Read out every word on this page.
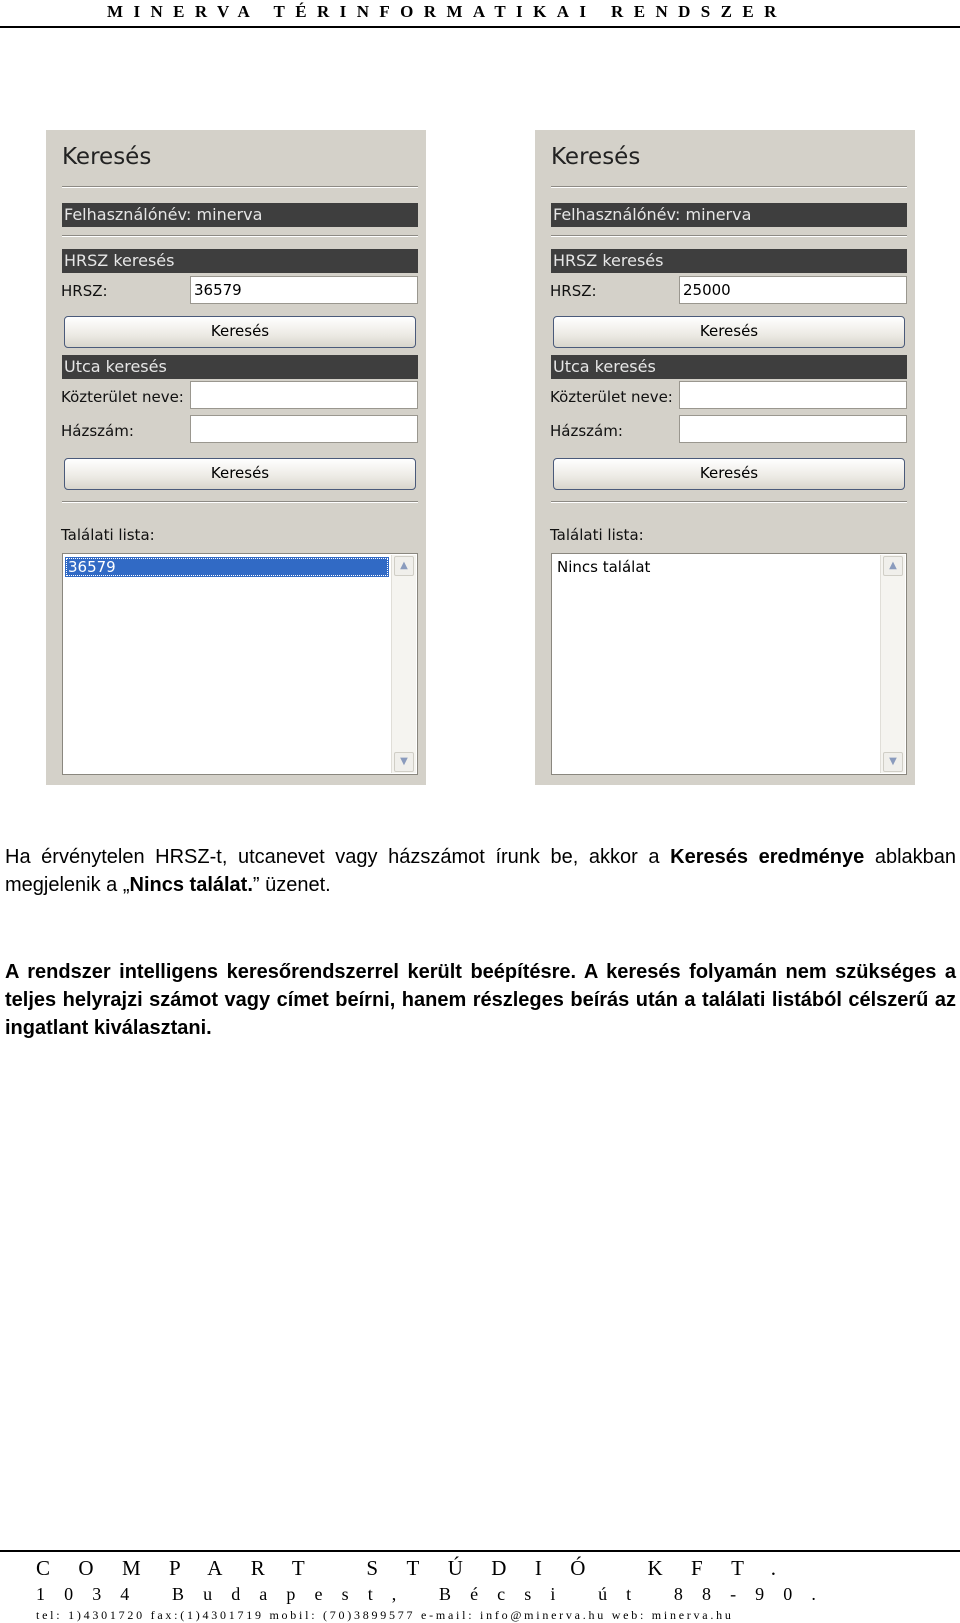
MINERVA TÉRINFORMATIKAI RENDSZER
Keresés
Felhasználónév: minerva
HRSZ keresés
HRSZ:	36579
Keresés
Utca keresés
Közterület neve:
Házszám:
Keresés
Találati lista:
36579	▲
▼
Keresés
Felhasználónév: minerva
HRSZ keresés
HRSZ:	25000
Keresés
Utca keresés
Közterület neve:
Házszám:
Keresés
Találati lista:
Nincs találat	▲
▼
Ha érvénytelen HRSZ-t, utcanevet vagy házszámot írunk be, akkor a Keresés eredménye ablakban megjelenik a „Nincs találat.” üzenet.
A rendszer intelligens keresőrendszerrel került beépítésre. A keresés folyamán nem szükséges a teljes helyrajzi számot vagy címet beírni, hanem részleges beírás után a találati listából célszerű az ingatlant kiválasztani.
COMPART STÚDIÓ KFT.
1034 Budapest, Bécsi út 88-90.
tel: 1)4301720 fax:(1)4301719 mobil: (70)3899577 e-mail: info@minerva.hu web: minerva.hu
